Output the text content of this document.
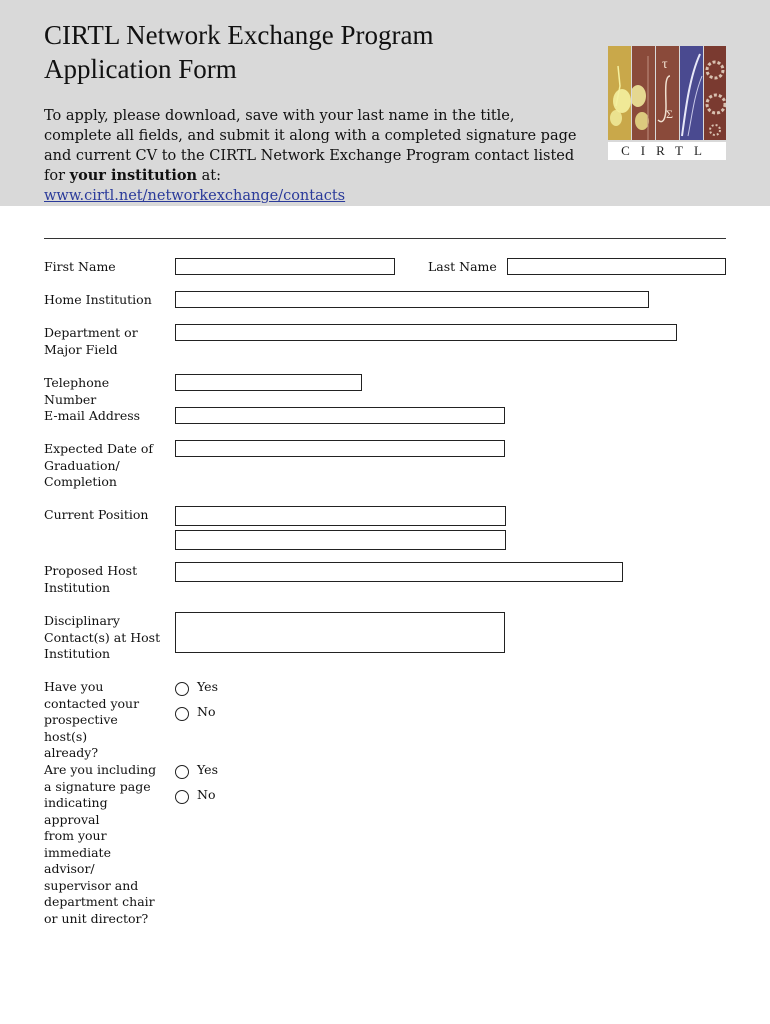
CIRTL Network Exchange Program
Application Form
To apply, please download, save with your last name in the title, complete all fields, and submit it along with a completed signature page and current CV to the CIRTL Network Exchange Program contact listed for your institution at:
www.cirtl.net/networkexchange/contacts
τ
Σ
CIRTL
First Name	Last Name
Home Institution
Department or
Major Field
Telephone Number
E-mail Address
Expected Date of
Graduation/
Completion
Current Position
Proposed Host
Institution
Disciplinary
Contact(s) at Host
Institution
Have you
contacted your
prospective host(s)
already?
Yes
No
Are you including
a signature page
indicating approval
from your
immediate advisor/
supervisor and
department chair
or unit director?
Yes
No
